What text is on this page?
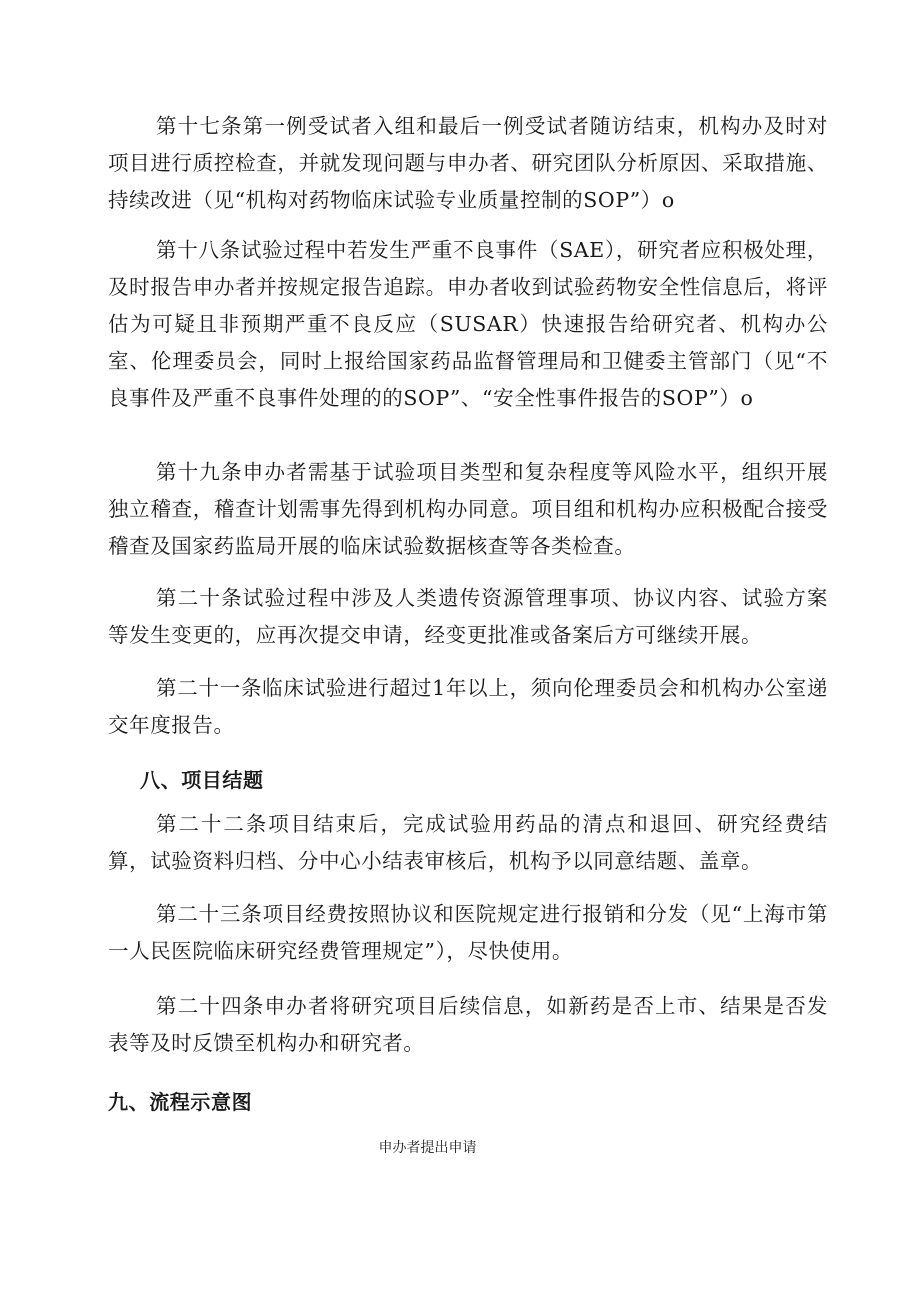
第十七条第一例受试者入组和最后一例受试者随访结束，机构办及时对项目进行质控检查，并就发现问题与申办者、研究团队分析原因、采取措施、持续改进（见“机构对药物临床试验专业质量控制的SOP”）o

第十八条试验过程中若发生严重不良事件（SAE），研究者应积极处理，及时报告申办者并按规定报告追踪。申办者收到试验药物安全性信息后，将评估为可疑且非预期严重不良反应（SUSAR）快速报告给研究者、机构办公室、伦理委员会，同时上报给国家药品监督管理局和卫健委主管部门（见“不良事件及严重不良事件处理的的SOP”、“安全性事件报告的SOP”）o

第十九条申办者需基于试验项目类型和复杂程度等风险水平，组织开展独立稽查，稽查计划需事先得到机构办同意。项目组和机构办应积极配合接受稽查及国家药监局开展的临床试验数据核查等各类检查。

第二十条试验过程中涉及人类遗传资源管理事项、协议内容、试验方案等发生变更的，应再次提交申请，经变更批准或备案后方可继续开展。

第二十一条临床试验进行超过1年以上，须向伦理委员会和机构办公室递交年度报告。

八、项目结题

第二十二条项目结束后，完成试验用药品的清点和退回、研究经费结算，试验资料归档、分中心小结表审核后，机构予以同意结题、盖章。

第二十三条项目经费按照协议和医院规定进行报销和分发（见“上海市第一人民医院临床研究经费管理规定”），尽快使用。

第二十四条申办者将研究项目后续信息，如新药是否上市、结果是否发表等及时反馈至机构办和研究者。

九、流程示意图
申办者提出申请
